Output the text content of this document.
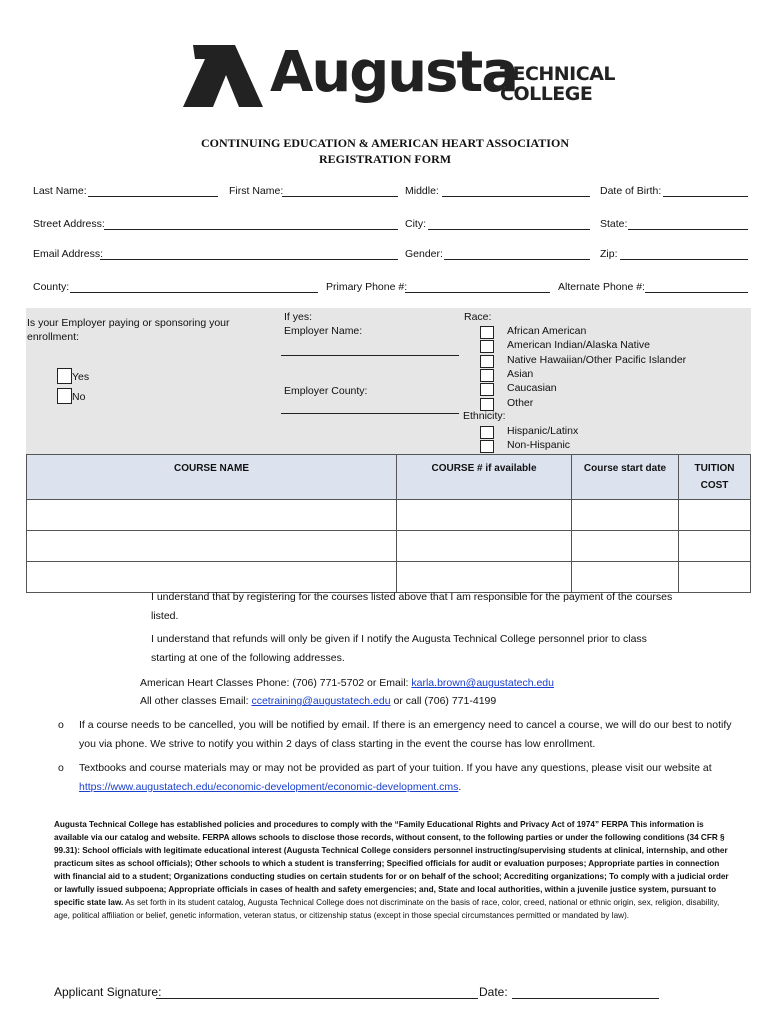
Augusta
TECHNICAL
COLLEGE
CONTINUING EDUCATION & AMERICAN HEART ASSOCIATION
REGISTRATION FORM
Last Name:	First Name:	Middle:	Date of Birth:
Street Address:	City:	State:
Email Address:	Gender:	Zip:
County:	Primary Phone #:	Alternate Phone #:
Is your Employer paying or sponsoring your
enrollment:
Yes
No
If yes:
Employer Name:
Employer County:
Race:
African American
American Indian/Alaska Native
Native Hawaiian/Other Pacific Islander
Asian
Caucasian
Other
Ethnicity:
Hispanic/Latinx
Non-Hispanic
COURSE NAME	COURSE # if available	Course start date	TUITION
COST

I understand that by registering for the courses listed above that I am responsible for the payment of the courses
listed.
I understand that refunds will only be given if I notify the Augusta Technical College personnel prior to class
starting at one of the following addresses.
American Heart Classes Phone: (706) 771-5702 or Email: karla.brown@augustatech.edu
All other classes Email: ccetraining@augustatech.edu or call (706) 771-4199
o If a course needs to be cancelled, you will be notified by email. If there is an emergency need to cancel a course, we will do our best to notify
you via phone. We strive to notify you within 2 days of class starting in the event the course has low enrollment.
o Textbooks and course materials may or may not be provided as part of your tuition. If you have any questions, please visit our website at
https://www.augustatech.edu/economic-development/economic-development.cms.
Augusta Technical College has established policies and procedures to comply with the “Family Educational Rights and Privacy Act of 1974” FERPA This information is available via our catalog and website. FERPA allows schools to disclose those records, without consent, to the following parties or under the following conditions (34 CFR § 99.31): School officials with legitimate educational interest (Augusta Technical College considers personnel instructing/supervising students at clinical, internship, and other practicum sites as school officials); Other schools to which a student is transferring; Specified officials for audit or evaluation purposes; Appropriate parties in connection with financial aid to a student; Organizations conducting studies on certain students for or on behalf of the school; Accrediting organizations; To comply with a judicial order or lawfully issued subpoena; Appropriate officials in cases of health and safety emergencies; and, State and local authorities, within a juvenile justice system, pursuant to specific state law. As set forth in its student catalog, Augusta Technical College does not discriminate on the basis of race, color, creed, national or ethnic origin, sex, religion, disability, age, political affiliation or belief, genetic information, veteran status, or citizenship status (except in those special circumstances permitted or mandated by law).
Applicant Signature:	Date:
